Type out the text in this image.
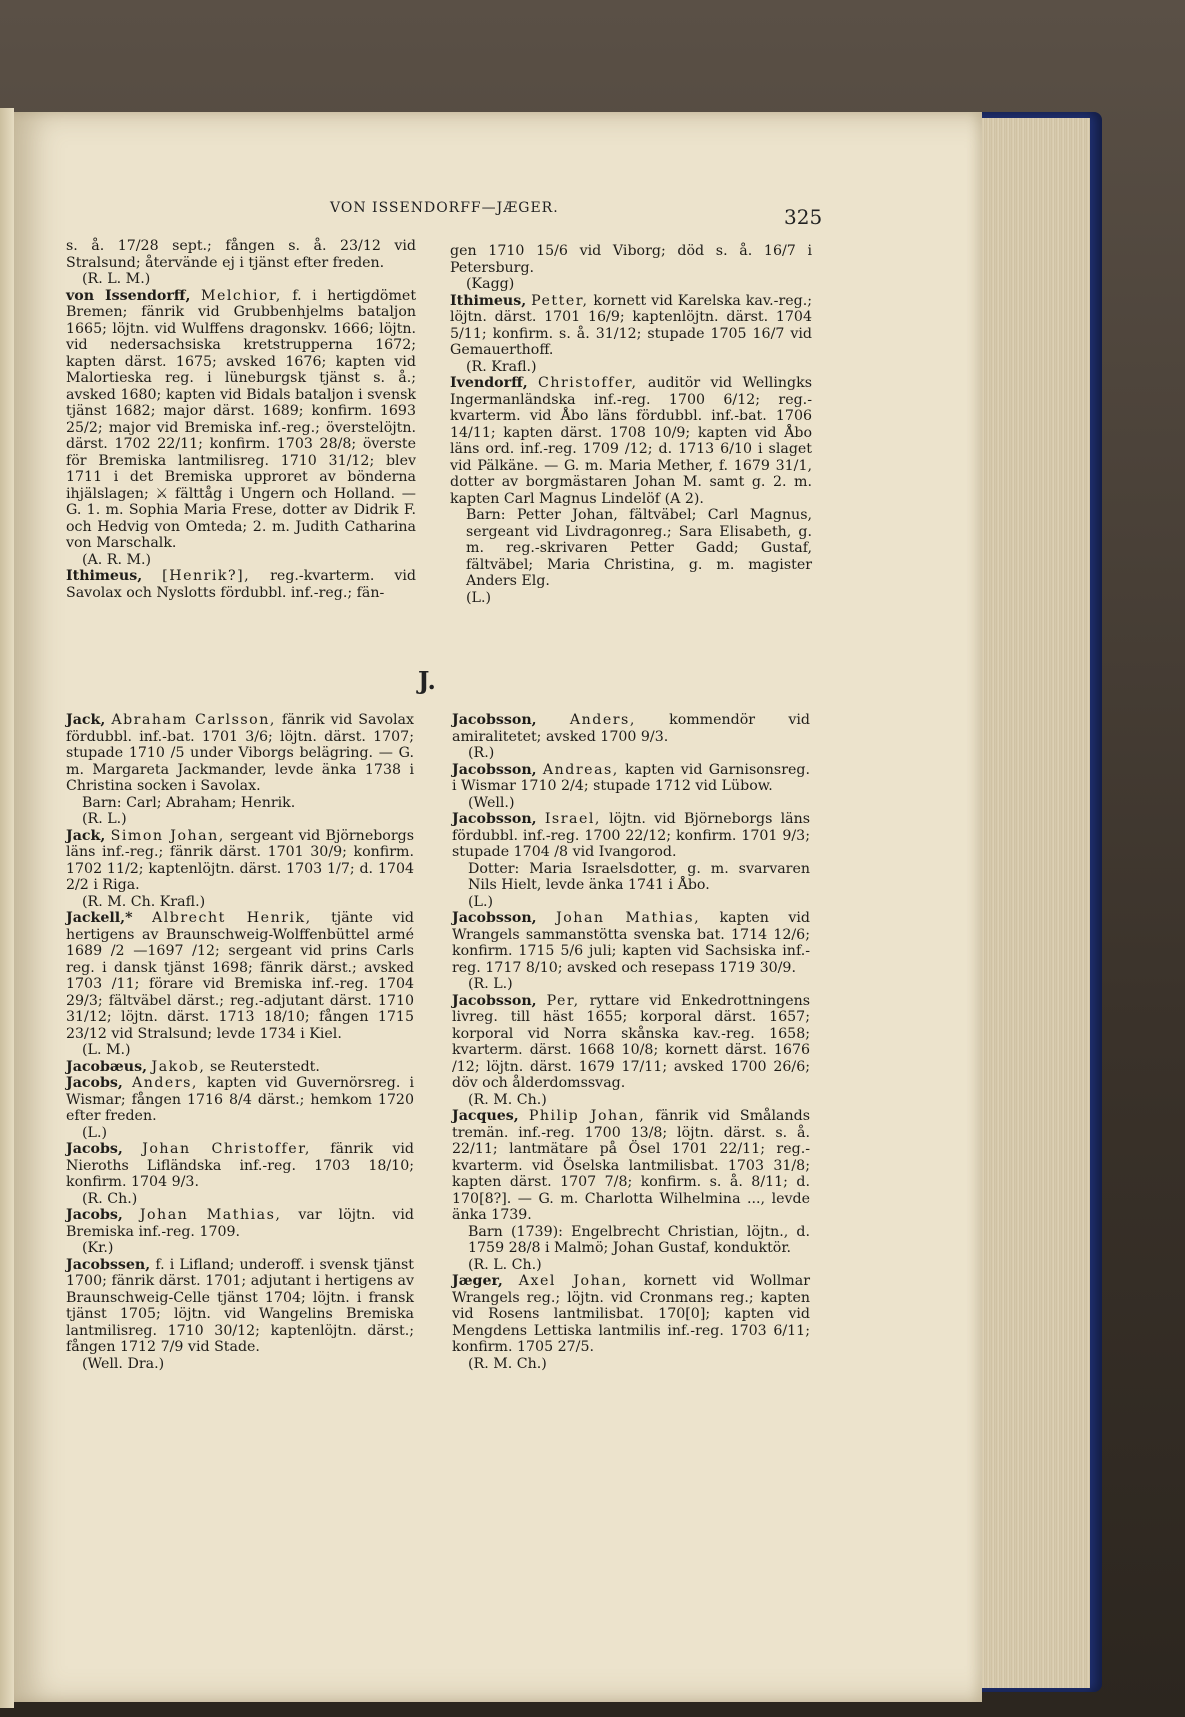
VON ISSENDORFF—JÆGER.	325

s. å. 17/28 sept.; fången s. å. 23/12 vid Stralsund; återvände ej i tjänst efter freden.

(R. L. M.)

von Issendorff, Melchior, f. i hertigdömet Bremen; fänrik vid Grubbenhjelms bataljon 1665; löjtn. vid Wulffens dragonskv. 1666; löjtn. vid nedersachsiska kretstrupperna 1672; kapten därst. 1675; avsked 1676; kapten vid Malortieska reg. i lüneburgsk tjänst s. å.; avsked 1680; kapten vid Bidals bataljon i svensk tjänst 1682; major därst. 1689; konfirm. 1693 25/2; major vid Bremiska inf.-reg.; överstelöjtn. därst. 1702 22/11; konfirm. 1703 28/8; överste för Bremiska lantmilisreg. 1710 31/12; blev 1711 i det Bremiska upproret av bönderna ihjälslagen; ⚔ fälttåg i Ungern och Holland. — G. 1. m. Sophia Maria Frese, dotter av Didrik F. och Hedvig von Omteda; 2. m. Judith Catharina von Marschalk.

(A. R. M.)

Ithimeus, [Henrik?], reg.-kvarterm. vid Savolax och Nyslotts fördubbl. inf.-reg.; fän-

gen 1710 15/6 vid Viborg; död s. å. 16/7 i Petersburg.

(Kagg)

Ithimeus, Petter, kornett vid Karelska kav.-reg.; löjtn. därst. 1701 16/9; kaptenlöjtn. därst. 1704 5/11; konfirm. s. å. 31/12; stupade 1705 16/7 vid Gemauerthoff.

(R. Krafl.)

Ivendorff, Christoffer, auditör vid Wellingks Ingermanländska inf.-reg. 1700 6/12; reg.-kvarterm. vid Åbo läns fördubbl. inf.-bat. 1706 14/11; kapten därst. 1708 10/9; kapten vid Åbo läns ord. inf.-reg. 1709 /12; d. 1713 6/10 i slaget vid Pälkäne. — G. m. Maria Mether, f. 1679 31/1, dotter av borgmästaren Johan M. samt g. 2. m. kapten Carl Magnus Lindelöf (A 2).

Barn: Petter Johan, fältväbel; Carl Magnus, sergeant vid Livdragonreg.; Sara Elisabeth, g. m. reg.-skrivaren Petter Gadd; Gustaf, fältväbel; Maria Christina, g. m. magister Anders Elg.

(L.)

J.

Jack, Abraham Carlsson, fänrik vid Savolax fördubbl. inf.-bat. 1701 3/6; löjtn. därst. 1707; stupade 1710 /5 under Viborgs belägring. — G. m. Margareta Jackmander, levde änka 1738 i Christina socken i Savolax.

Barn: Carl; Abraham; Henrik.

(R. L.)

Jack, Simon Johan, sergeant vid Björneborgs läns inf.-reg.; fänrik därst. 1701 30/9; konfirm. 1702 11/2; kaptenlöjtn. därst. 1703 1/7; d. 1704 2/2 i Riga.

(R. M. Ch. Krafl.)

Jackell,* Albrecht Henrik, tjänte vid hertigens av Braunschweig-Wolffenbüttel armé 1689 /2 —1697 /12; sergeant vid prins Carls reg. i dansk tjänst 1698; fänrik därst.; avsked 1703 /11; förare vid Bremiska inf.-reg. 1704 29/3; fältväbel därst.; reg.-adjutant därst. 1710 31/12; löjtn. därst. 1713 18/10; fången 1715 23/12 vid Stralsund; levde 1734 i Kiel.

(L. M.)

Jacobæus, Jakob, se Reuterstedt.

Jacobs, Anders, kapten vid Guvernörsreg. i Wismar; fången 1716 8/4 därst.; hemkom 1720 efter freden.

(L.)

Jacobs, Johan Christoffer, fänrik vid Nieroths Lifländska inf.-reg. 1703 18/10; konfirm. 1704 9/3.

(R. Ch.)

Jacobs, Johan Mathias, var löjtn. vid Bremiska inf.-reg. 1709.

(Kr.)

Jacobssen, f. i Lifland; underoff. i svensk tjänst 1700; fänrik därst. 1701; adjutant i hertigens av Braunschweig-Celle tjänst 1704; löjtn. i fransk tjänst 1705; löjtn. vid Wangelins Bremiska lantmilisreg. 1710 30/12; kaptenlöjtn. därst.; fången 1712 7/9 vid Stade.

(Well. Dra.)

Jacobsson, Anders, kommendör vid amiralitetet; avsked 1700 9/3.

(R.)

Jacobsson, Andreas, kapten vid Garnisonsreg. i Wismar 1710 2/4; stupade 1712 vid Lübow.

(Well.)

Jacobsson, Israel, löjtn. vid Björneborgs läns fördubbl. inf.-reg. 1700 22/12; konfirm. 1701 9/3; stupade 1704 /8 vid Ivangorod.

Dotter: Maria Israelsdotter, g. m. svarvaren Nils Hielt, levde änka 1741 i Åbo.

(L.)

Jacobsson, Johan Mathias, kapten vid Wrangels sammanstötta svenska bat. 1714 12/6; konfirm. 1715 5/6 juli; kapten vid Sachsiska inf.-reg. 1717 8/10; avsked och resepass 1719 30/9.

(R. L.)

Jacobsson, Per, ryttare vid Enkedrottningens livreg. till häst 1655; korporal därst. 1657; korporal vid Norra skånska kav.-reg. 1658; kvarterm. därst. 1668 10/8; kornett därst. 1676 /12; löjtn. därst. 1679 17/11; avsked 1700 26/6; döv och ålderdomssvag.

(R. M. Ch.)

Jacques, Philip Johan, fänrik vid Smålands tremän. inf.-reg. 1700 13/8; löjtn. därst. s. å. 22/11; lantmätare på Ösel 1701 22/11; reg.-kvarterm. vid Öselska lantmilisbat. 1703 31/8; kapten därst. 1707 7/8; konfirm. s. å. 8/11; d. 170[8?]. — G. m. Charlotta Wilhelmina ..., levde änka 1739.

Barn (1739): Engelbrecht Christian, löjtn., d. 1759 28/8 i Malmö; Johan Gustaf, konduktör.

(R. L. Ch.)

Jæger, Axel Johan, kornett vid Wollmar Wrangels reg.; löjtn. vid Cronmans reg.; kapten vid Rosens lantmilisbat. 170[0]; kapten vid Mengdens Lettiska lantmilis inf.-reg. 1703 6/11; konfirm. 1705 27/5.

(R. M. Ch.)
